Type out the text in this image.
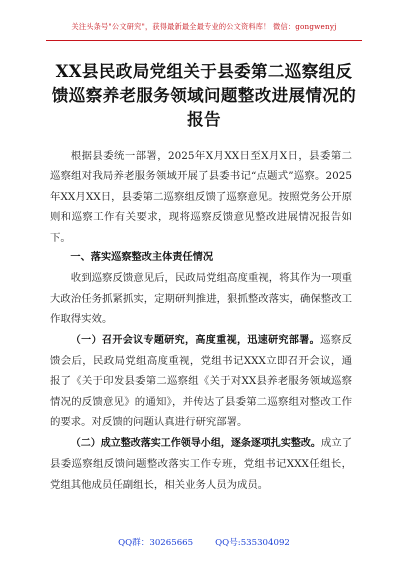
关注头条号"公文研究"，获得最新最全最专业的公文资料库！ 微信：gongwenyj
XX县民政局党组关于县委第二巡察组反
馈巡察养老服务领域问题整改进展情况的
报告

根据县委统一部署，2025年X月XX日至X月X日，县委第二巡察组对我局养老服务领域开展了县委书记“点题式”巡察。2025年XX月XX日，县委第二巡察组反馈了巡察意见。按照党务公开原则和巡察工作有关要求，现将巡察反馈意见整改进展情况报告如下。

一、落实巡察整改主体责任情况

收到巡察反馈意见后，民政局党组高度重视，将其作为一项重大政治任务抓紧抓实，定期研判推进，狠抓整改落实，确保整改工作取得实效。

（一）召开会议专题研究，高度重视，迅速研究部署。巡察反馈会后，民政局党组高度重视，党组书记XXX立即召开会议，通报了《关于印发县委第二巡察组《关于对XX县养老服务领域巡察情况的反馈意见》的通知》，并传达了县委第二巡察组对整改工作的要求。对反馈的问题认真进行研究部署。

（二）成立整改落实工作领导小组，逐条逐项扎实整改。成立了县委巡察组反馈问题整改落实工作专班，党组书记XXX任组长，党组其他成员任副组长，相关业务人员为成员。

QQ群：30265665	QQ号:535304092
